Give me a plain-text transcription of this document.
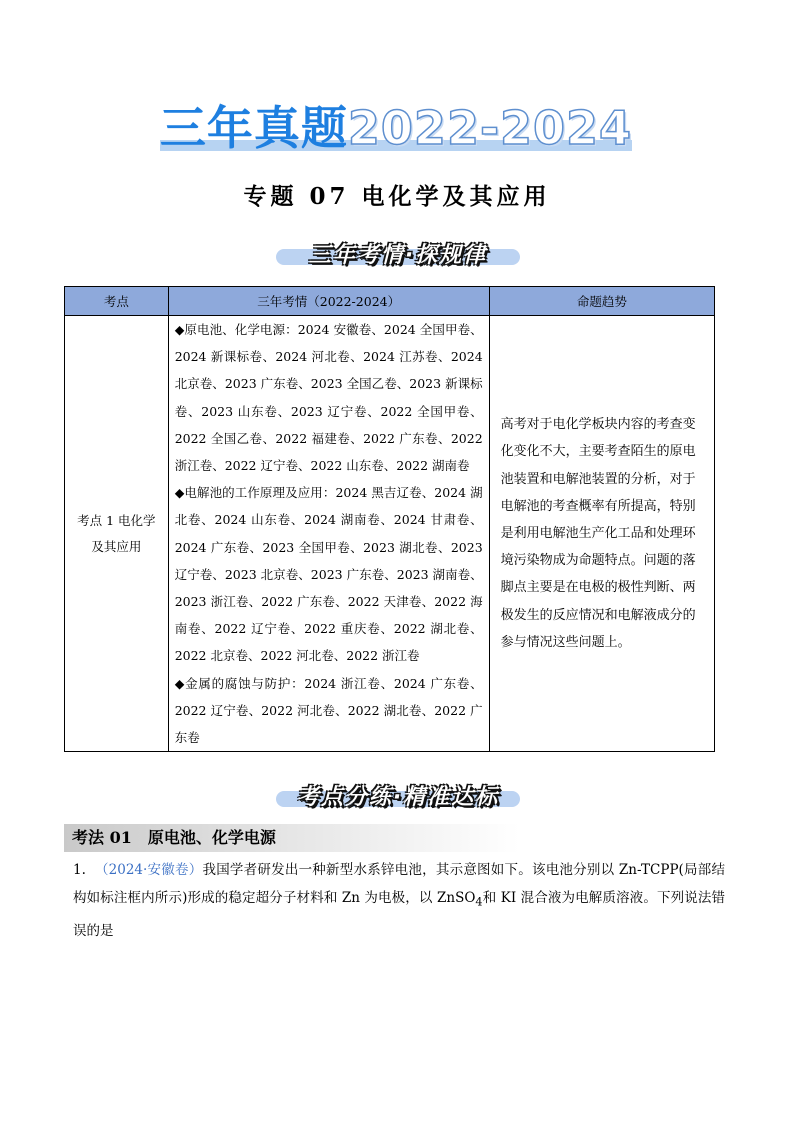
三年真题2022-2024
专题 07 电化学及其应用
三年考情·探规律
考点	三年考情（2022-2024）	命题趋势
考点 1 电化学及其应用	◆原电池、化学电源：2024 安徽卷、2024 全国甲卷、2024 新课标卷、2024 河北卷、2024 江苏卷、2024 北京卷、2023 广东卷、2023 全国乙卷、2023 新课标卷、2023 山东卷、2023 辽宁卷、2022 全国甲卷、2022 全国乙卷、2022 福建卷、2022 广东卷、2022 浙江卷、2022 辽宁卷、2022 山东卷、2022 湖南卷
◆电解池的工作原理及应用：2024 黑吉辽卷、2024 湖北卷、2024 山东卷、2024 湖南卷、2024 甘肃卷、2024 广东卷、2023 全国甲卷、2023 湖北卷、2023 辽宁卷、2023 北京卷、2023 广东卷、2023 湖南卷、2023 浙江卷、2022 广东卷、2022 天津卷、2022 海南卷、2022 辽宁卷、2022 重庆卷、2022 湖北卷、2022 北京卷、2022 河北卷、2022 浙江卷
◆金属的腐蚀与防护：2024 浙江卷、2024 广东卷、2022 辽宁卷、2022 河北卷、2022 湖北卷、2022 广东卷	高考对于电化学板块内容的考查变化变化不大，主要考查陌生的原电池装置和电解池装置的分析，对于电解池的考查概率有所提高，特别是利用电解池生产化工品和处理环境污染物成为命题特点。问题的落脚点主要是在电极的极性判断、两极发生的反应情况和电解液成分的参与情况这些问题上。
考点分练·精准达标
考法 01　原电池、化学电源
1. （2024·安徽卷）我国学者研发出一种新型水系锌电池，其示意图如下。该电池分别以 Zn-TCPP(局部结构如标注框内所示)形成的稳定超分子材料和 Zn 为电极，以 ZnSO$_4$和 KI 混合液为电解质溶液。下列说法错误的是
